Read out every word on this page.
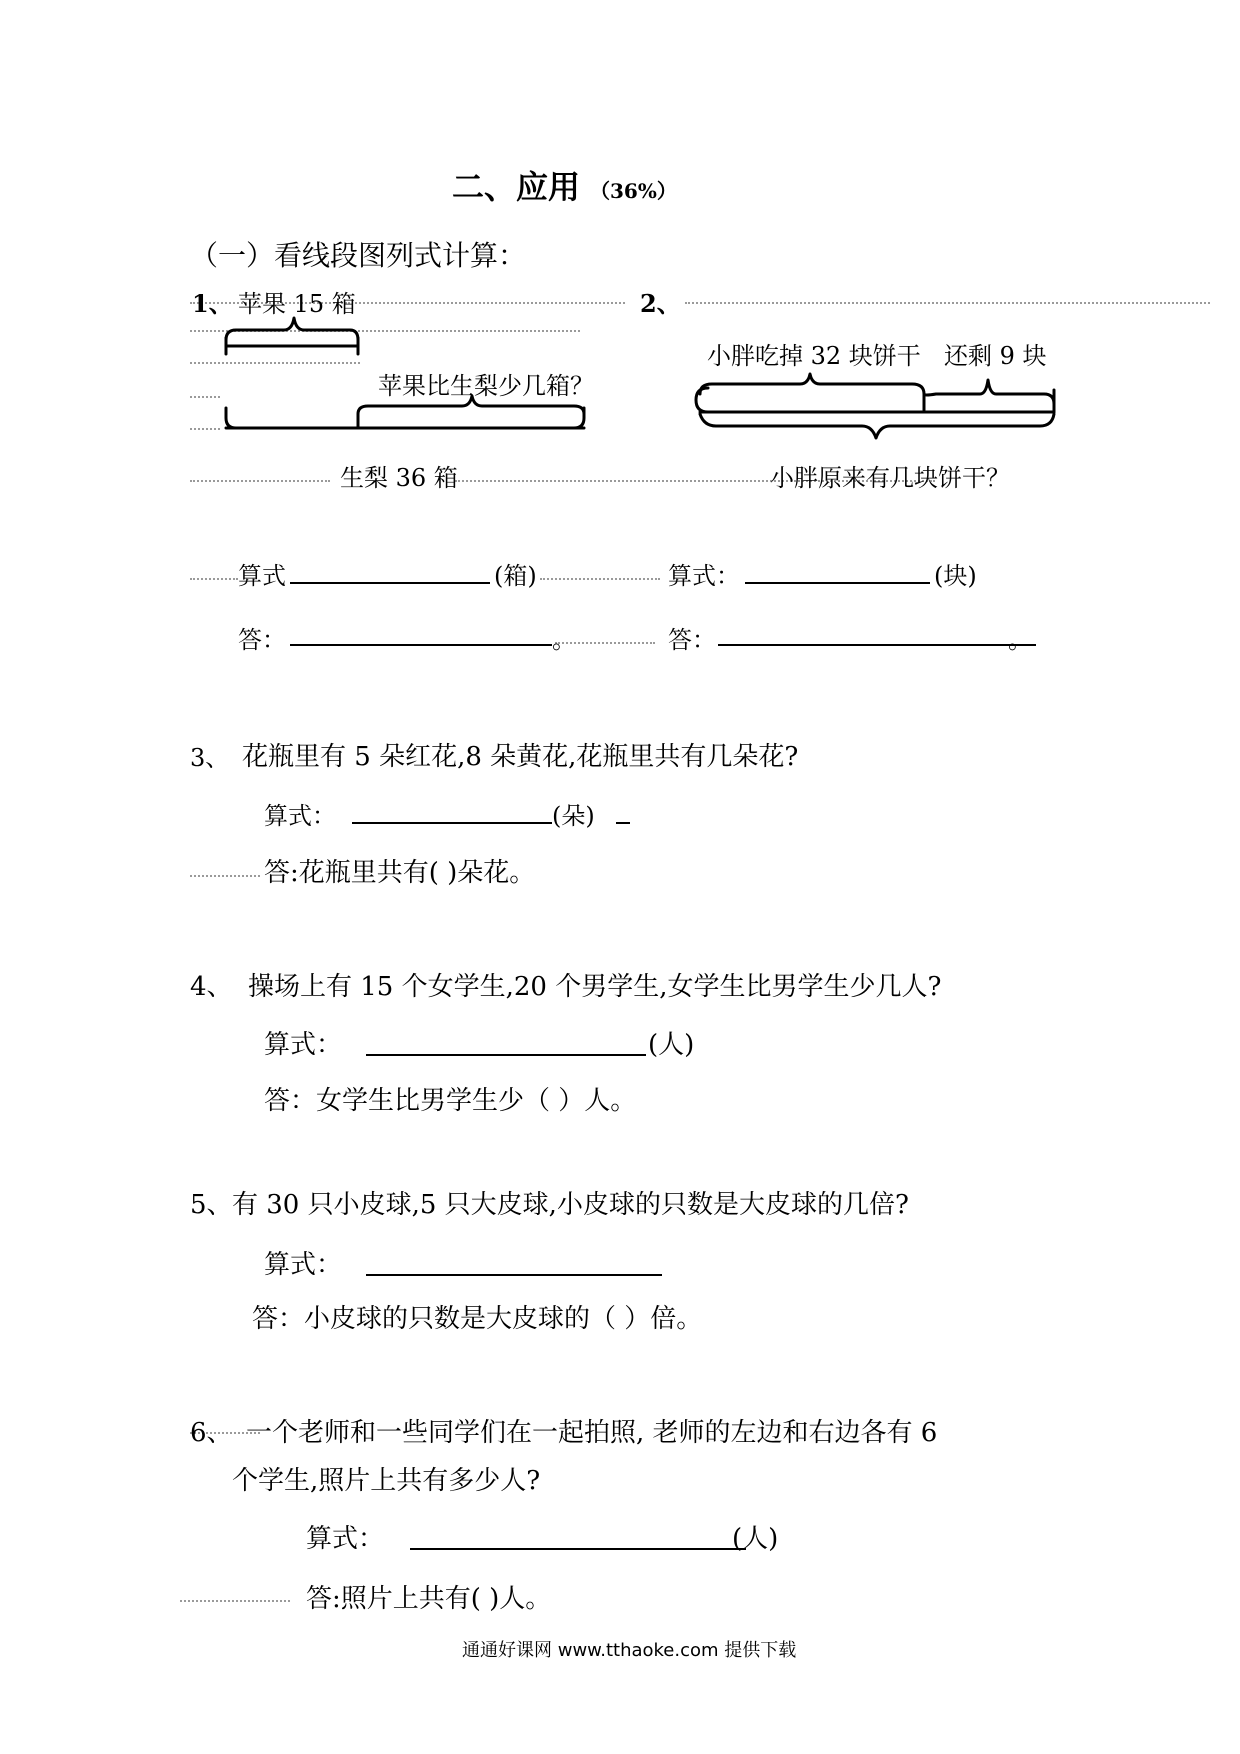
二、应用 （36%）
（一）看线段图列式计算：
1、 苹果 15 箱
苹果比生梨少几箱？
生梨 36 箱
2、
小胖吃掉 32 块饼干 还剩 9 块
小胖原来有几块饼干？
算式	(箱)	算式：	(块)
答：	。	答：	。
3、 花瓶里有 5 朵红花,8 朵黄花,花瓶里共有几朵花?
算式：	(朵)
答:花瓶里共有( )朵花。
4、 操场上有 15 个女学生,20 个男学生,女学生比男学生少几人?
算式：	(人)
答：女学生比男学生少（ ）人。
5、 有 30 只小皮球,5 只大皮球,小皮球的只数是大皮球的几倍?
算式：
答：小皮球的只数是大皮球的（ ）倍。
6、 一个老师和一些同学们在一起拍照, 老师的左边和右边各有 6
个学生,照片上共有多少人?
算式：	(人)
答:照片上共有( )人。
通通好课网 www.tthaoke.com 提供下载
